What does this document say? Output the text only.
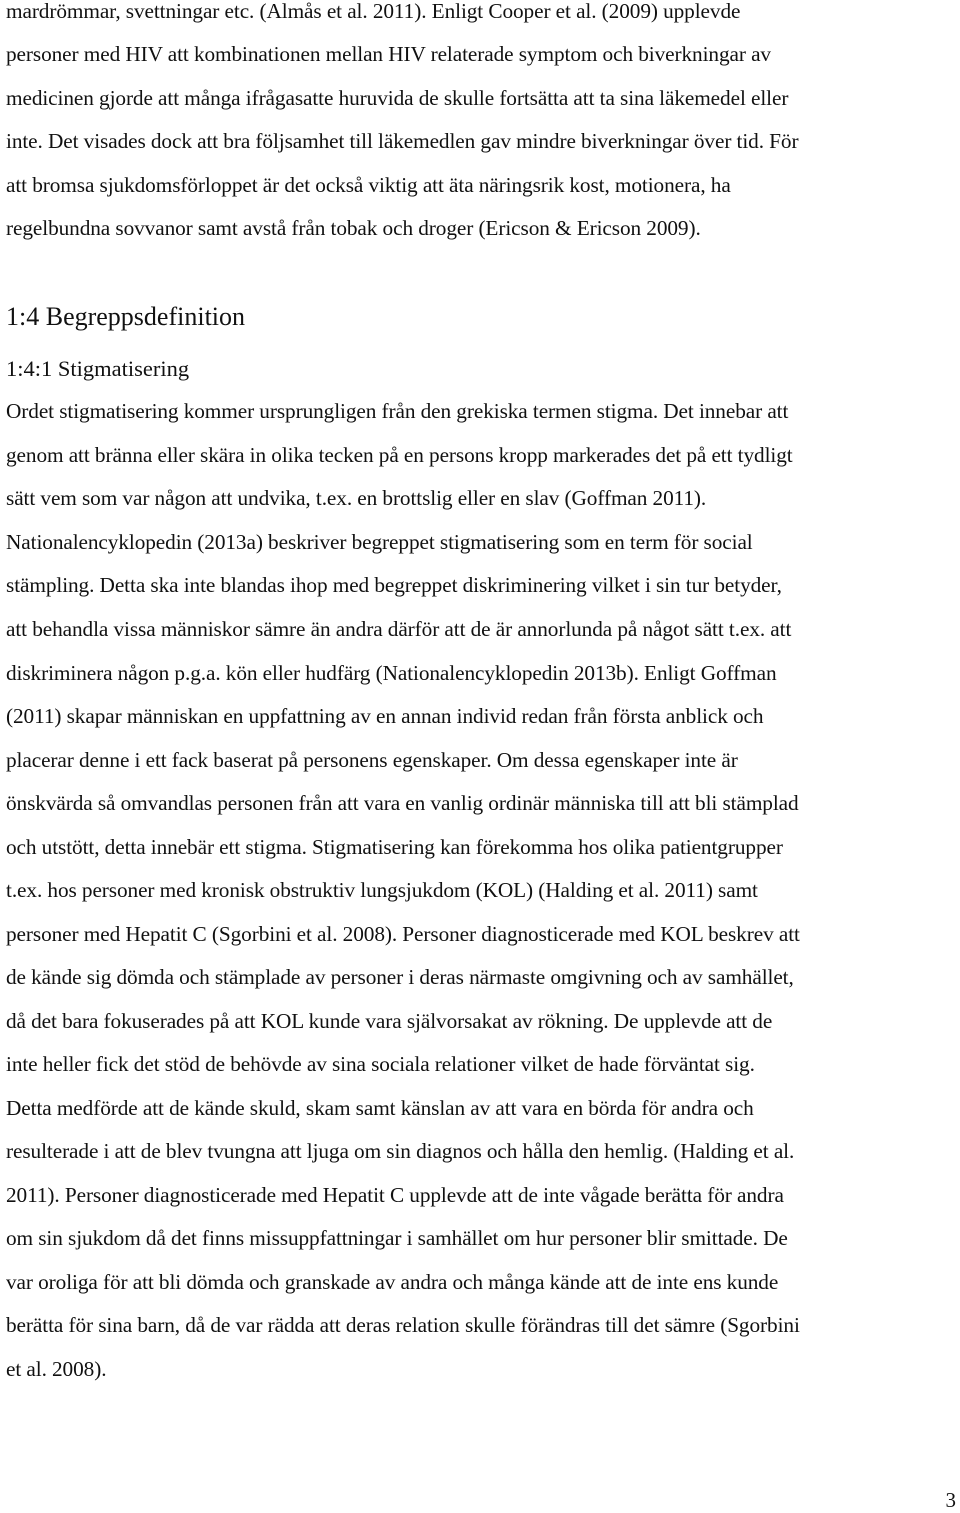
mardrömmar, svettningar etc. (Almås et al. 2011). Enligt Cooper et al. (2009) upplevde
personer med HIV att kombinationen mellan HIV relaterade symptom och biverkningar av
medicinen gjorde att många ifrågasatte huruvida de skulle fortsätta att ta sina läkemedel eller
inte. Det visades dock att bra följsamhet till läkemedlen gav mindre biverkningar över tid. För
att bromsa sjukdomsförloppet är det också viktig att äta näringsrik kost, motionera, ha
regelbundna sovvanor samt avstå från tobak och droger (Ericson & Ericson 2009).
1:4 Begreppsdefinition
1:4:1 Stigmatisering
Ordet stigmatisering kommer ursprungligen från den grekiska termen stigma. Det innebar att
genom att bränna eller skära in olika tecken på en persons kropp markerades det på ett tydligt
sätt vem som var någon att undvika, t.ex. en brottslig eller en slav (Goffman 2011).
Nationalencyklopedin (2013a) beskriver begreppet stigmatisering som en term för social
stämpling. Detta ska inte blandas ihop med begreppet diskriminering vilket i sin tur betyder,
att behandla vissa människor sämre än andra därför att de är annorlunda på något sätt t.ex. att
diskriminera någon p.g.a. kön eller hudfärg (Nationalencyklopedin 2013b). Enligt Goffman
(2011) skapar människan en uppfattning av en annan individ redan från första anblick och
placerar denne i ett fack baserat på personens egenskaper. Om dessa egenskaper inte är
önskvärda så omvandlas personen från att vara en vanlig ordinär människa till att bli stämplad
och utstött, detta innebär ett stigma. Stigmatisering kan förekomma hos olika patientgrupper
t.ex. hos personer med kronisk obstruktiv lungsjukdom (KOL) (Halding et al. 2011) samt
personer med Hepatit C (Sgorbini et al. 2008). Personer diagnosticerade med KOL beskrev att
de kände sig dömda och stämplade av personer i deras närmaste omgivning och av samhället,
då det bara fokuserades på att KOL kunde vara självorsakat av rökning. De upplevde att de
inte heller fick det stöd de behövde av sina sociala relationer vilket de hade förväntat sig.
Detta medförde att de kände skuld, skam samt känslan av att vara en börda för andra och
resulterade i att de blev tvungna att ljuga om sin diagnos och hålla den hemlig. (Halding et al.
2011). Personer diagnosticerade med Hepatit C upplevde att de inte vågade berätta för andra
om sin sjukdom då det finns missuppfattningar i samhället om hur personer blir smittade. De
var oroliga för att bli dömda och granskade av andra och många kände att de inte ens kunde
berätta för sina barn, då de var rädda att deras relation skulle förändras till det sämre (Sgorbini
et al. 2008).
3
